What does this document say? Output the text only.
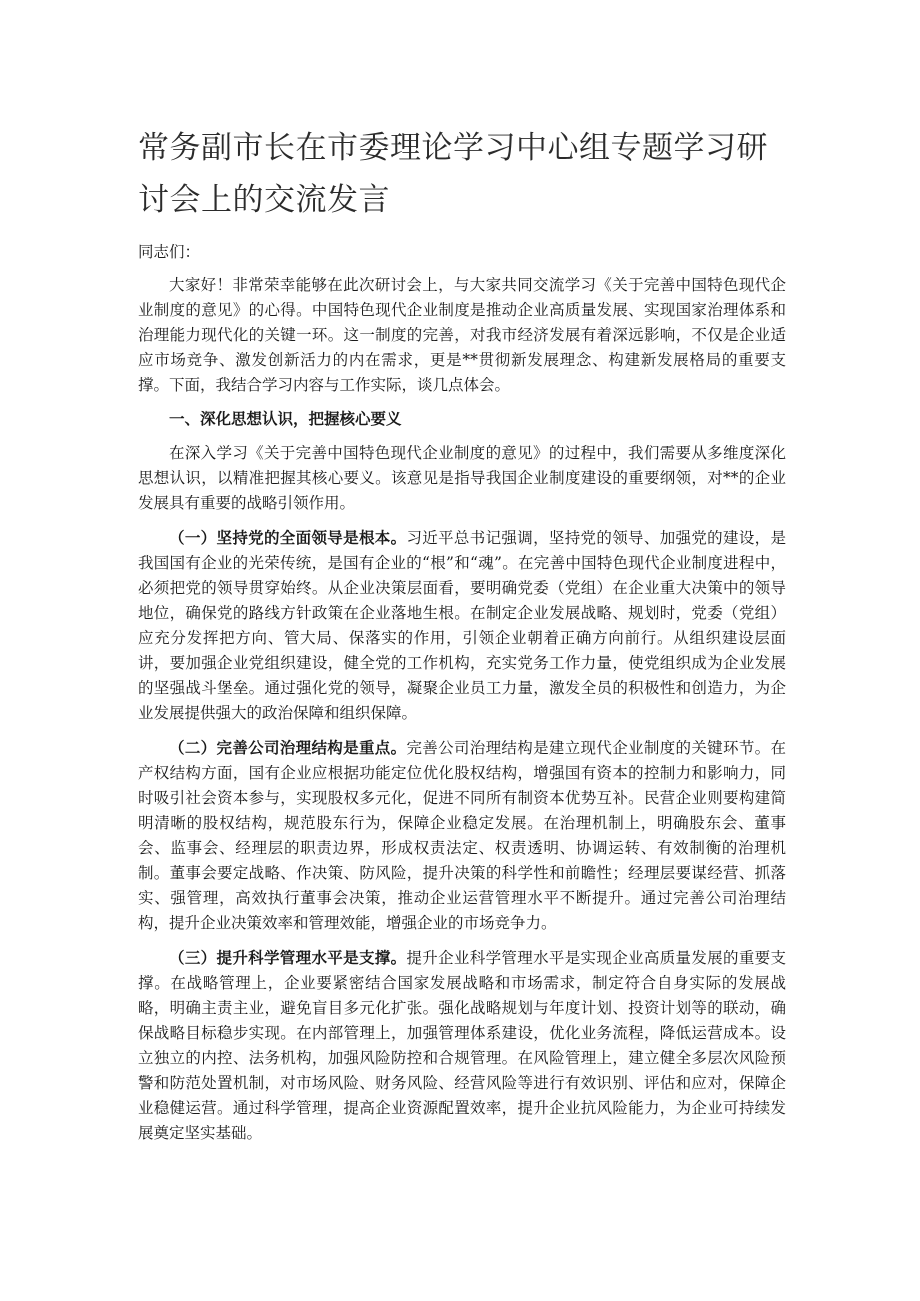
常务副市长在市委理论学习中心组专题学习研讨会上的交流发言

同志们：

大家好！非常荣幸能够在此次研讨会上，与大家共同交流学习《关于完善中国特色现代企业制度的意见》的心得。中国特色现代企业制度是推动企业高质量发展、实现国家治理体系和治理能力现代化的关键一环。这一制度的完善，对我市经济发展有着深远影响，不仅是企业适应市场竞争、激发创新活力的内在需求，更是**贯彻新发展理念、构建新发展格局的重要支撑。下面，我结合学习内容与工作实际，谈几点体会。

一、深化思想认识，把握核心要义

在深入学习《关于完善中国特色现代企业制度的意见》的过程中，我们需要从多维度深化思想认识，以精准把握其核心要义。该意见是指导我国企业制度建设的重要纲领，对**的企业发展具有重要的战略引领作用。

（一）坚持党的全面领导是根本。习近平总书记强调，坚持党的领导、加强党的建设，是我国国有企业的光荣传统，是国有企业的“根”和“魂”。在完善中国特色现代企业制度进程中，必须把党的领导贯穿始终。从企业决策层面看，要明确党委（党组）在企业重大决策中的领导地位，确保党的路线方针政策在企业落地生根。在制定企业发展战略、规划时，党委（党组）应充分发挥把方向、管大局、保落实的作用，引领企业朝着正确方向前行。从组织建设层面讲，要加强企业党组织建设，健全党的工作机构，充实党务工作力量，使党组织成为企业发展的坚强战斗堡垒。通过强化党的领导，凝聚企业员工力量，激发全员的积极性和创造力，为企业发展提供强大的政治保障和组织保障。

（二）完善公司治理结构是重点。完善公司治理结构是建立现代企业制度的关键环节。在产权结构方面，国有企业应根据功能定位优化股权结构，增强国有资本的控制力和影响力，同时吸引社会资本参与，实现股权多元化，促进不同所有制资本优势互补。民营企业则要构建简明清晰的股权结构，规范股东行为，保障企业稳定发展。在治理机制上，明确股东会、董事会、监事会、经理层的职责边界，形成权责法定、权责透明、协调运转、有效制衡的治理机制。董事会要定战略、作决策、防风险，提升决策的科学性和前瞻性；经理层要谋经营、抓落实、强管理，高效执行董事会决策，推动企业运营管理水平不断提升。通过完善公司治理结构，提升企业决策效率和管理效能，增强企业的市场竞争力。

（三）提升科学管理水平是支撑。提升企业科学管理水平是实现企业高质量发展的重要支撑。在战略管理上，企业要紧密结合国家发展战略和市场需求，制定符合自身实际的发展战略，明确主责主业，避免盲目多元化扩张。强化战略规划与年度计划、投资计划等的联动，确保战略目标稳步实现。在内部管理上，加强管理体系建设，优化业务流程，降低运营成本。设立独立的内控、法务机构，加强风险防控和合规管理。在风险管理上，建立健全多层次风险预警和防范处置机制，对市场风险、财务风险、经营风险等进行有效识别、评估和应对，保障企业稳健运营。通过科学管理，提高企业资源配置效率，提升企业抗风险能力，为企业可持续发展奠定坚实基础。
